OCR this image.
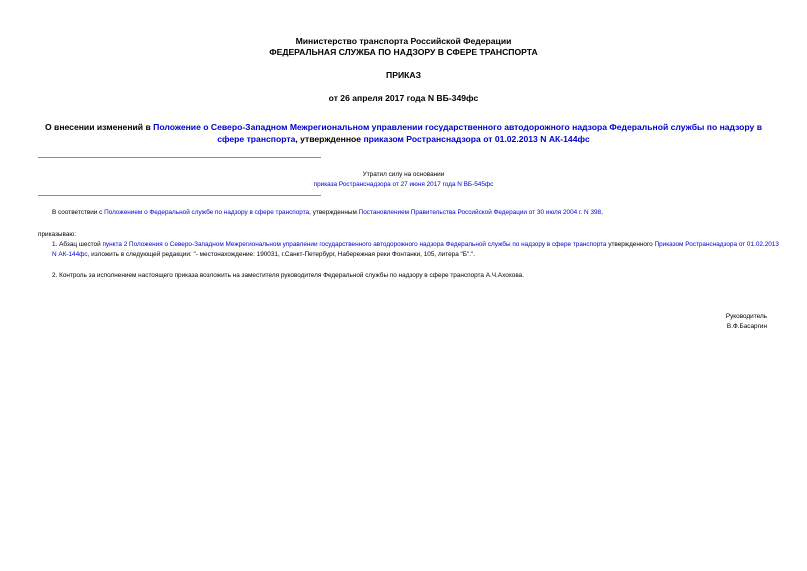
Министерство транспорта Российской Федерации
ФЕДЕРАЛЬНАЯ СЛУЖБА ПО НАДЗОРУ В СФЕРЕ ТРАНСПОРТА
ПРИКАЗ
от 26 апреля 2017 года N ВБ-349фс
О внесении изменений в Положение о Северо-Западном Межрегиональном управлении государственного автодорожного надзора Федеральной службы по надзору в сфере транспорта, утвержденное приказом Ространснадзора от 01.02.2013 N АК-144фс
Утратил силу на основании
приказа Ространснадзора от 27 июня 2017 года N ВБ-545фс
В соответствии с Положением о Федеральной службе по надзору в сфере транспорта, утвержденным Постановлением Правительства Российской Федерации от 30 июля 2004 г. N 398,
приказываю:
1. Абзац шестой пункта 2 Положения о Северо-Западном Межрегиональном управлении государственного автодорожного надзора Федеральной службы по надзору в сфере транспорта утвержденного Приказом Ространснадзора от 01.02.2013 N АК-144фс, изложить в следующей редакции: "- местонахождение: 190031, г.Санкт-Петербург, Набережная реки Фонтанки, 105, литера "Б".".
2. Контроль за исполнением настоящего приказа возложить на заместителя руководителя Федеральной службы по надзору в сфере транспорта А.Ч.Ахохова.
Руководитель
В.Ф.Басаргин
